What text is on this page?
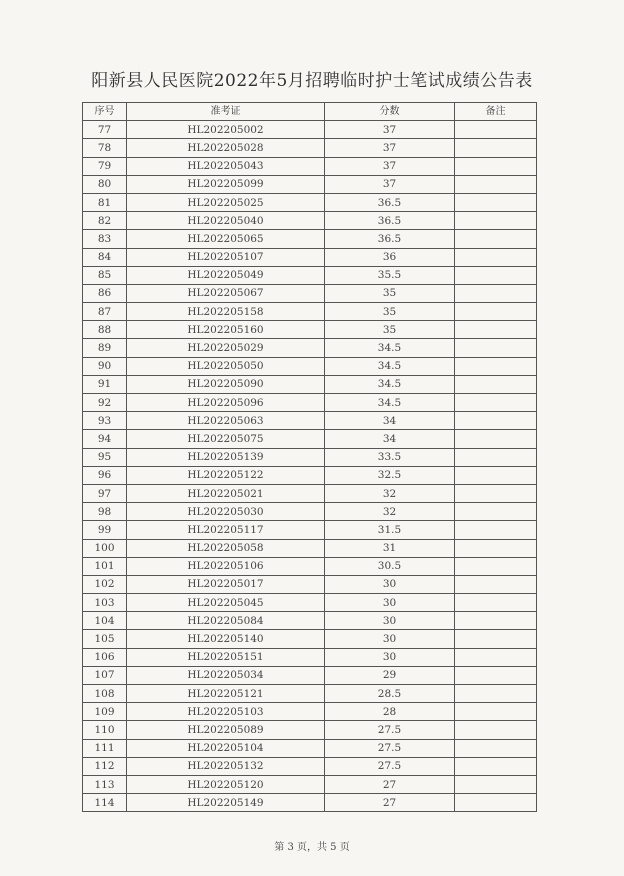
阳新县人民医院2022年5月招聘临时护士笔试成绩公告表
序号	准考证	分数	备注
77	HL202205002	37	
78	HL202205028	37	
79	HL202205043	37	
80	HL202205099	37	
81	HL202205025	36.5	
82	HL202205040	36.5	
83	HL202205065	36.5	
84	HL202205107	36	
85	HL202205049	35.5	
86	HL202205067	35	
87	HL202205158	35	
88	HL202205160	35	
89	HL202205029	34.5	
90	HL202205050	34.5	
91	HL202205090	34.5	
92	HL202205096	34.5	
93	HL202205063	34	
94	HL202205075	34	
95	HL202205139	33.5	
96	HL202205122	32.5	
97	HL202205021	32	
98	HL202205030	32	
99	HL202205117	31.5	
100	HL202205058	31	
101	HL202205106	30.5	
102	HL202205017	30	
103	HL202205045	30	
104	HL202205084	30	
105	HL202205140	30	
106	HL202205151	30	
107	HL202205034	29	
108	HL202205121	28.5	
109	HL202205103	28	
110	HL202205089	27.5	
111	HL202205104	27.5	
112	HL202205132	27.5	
113	HL202205120	27	
114	HL202205149	27	
第 3 页，共 5 页
